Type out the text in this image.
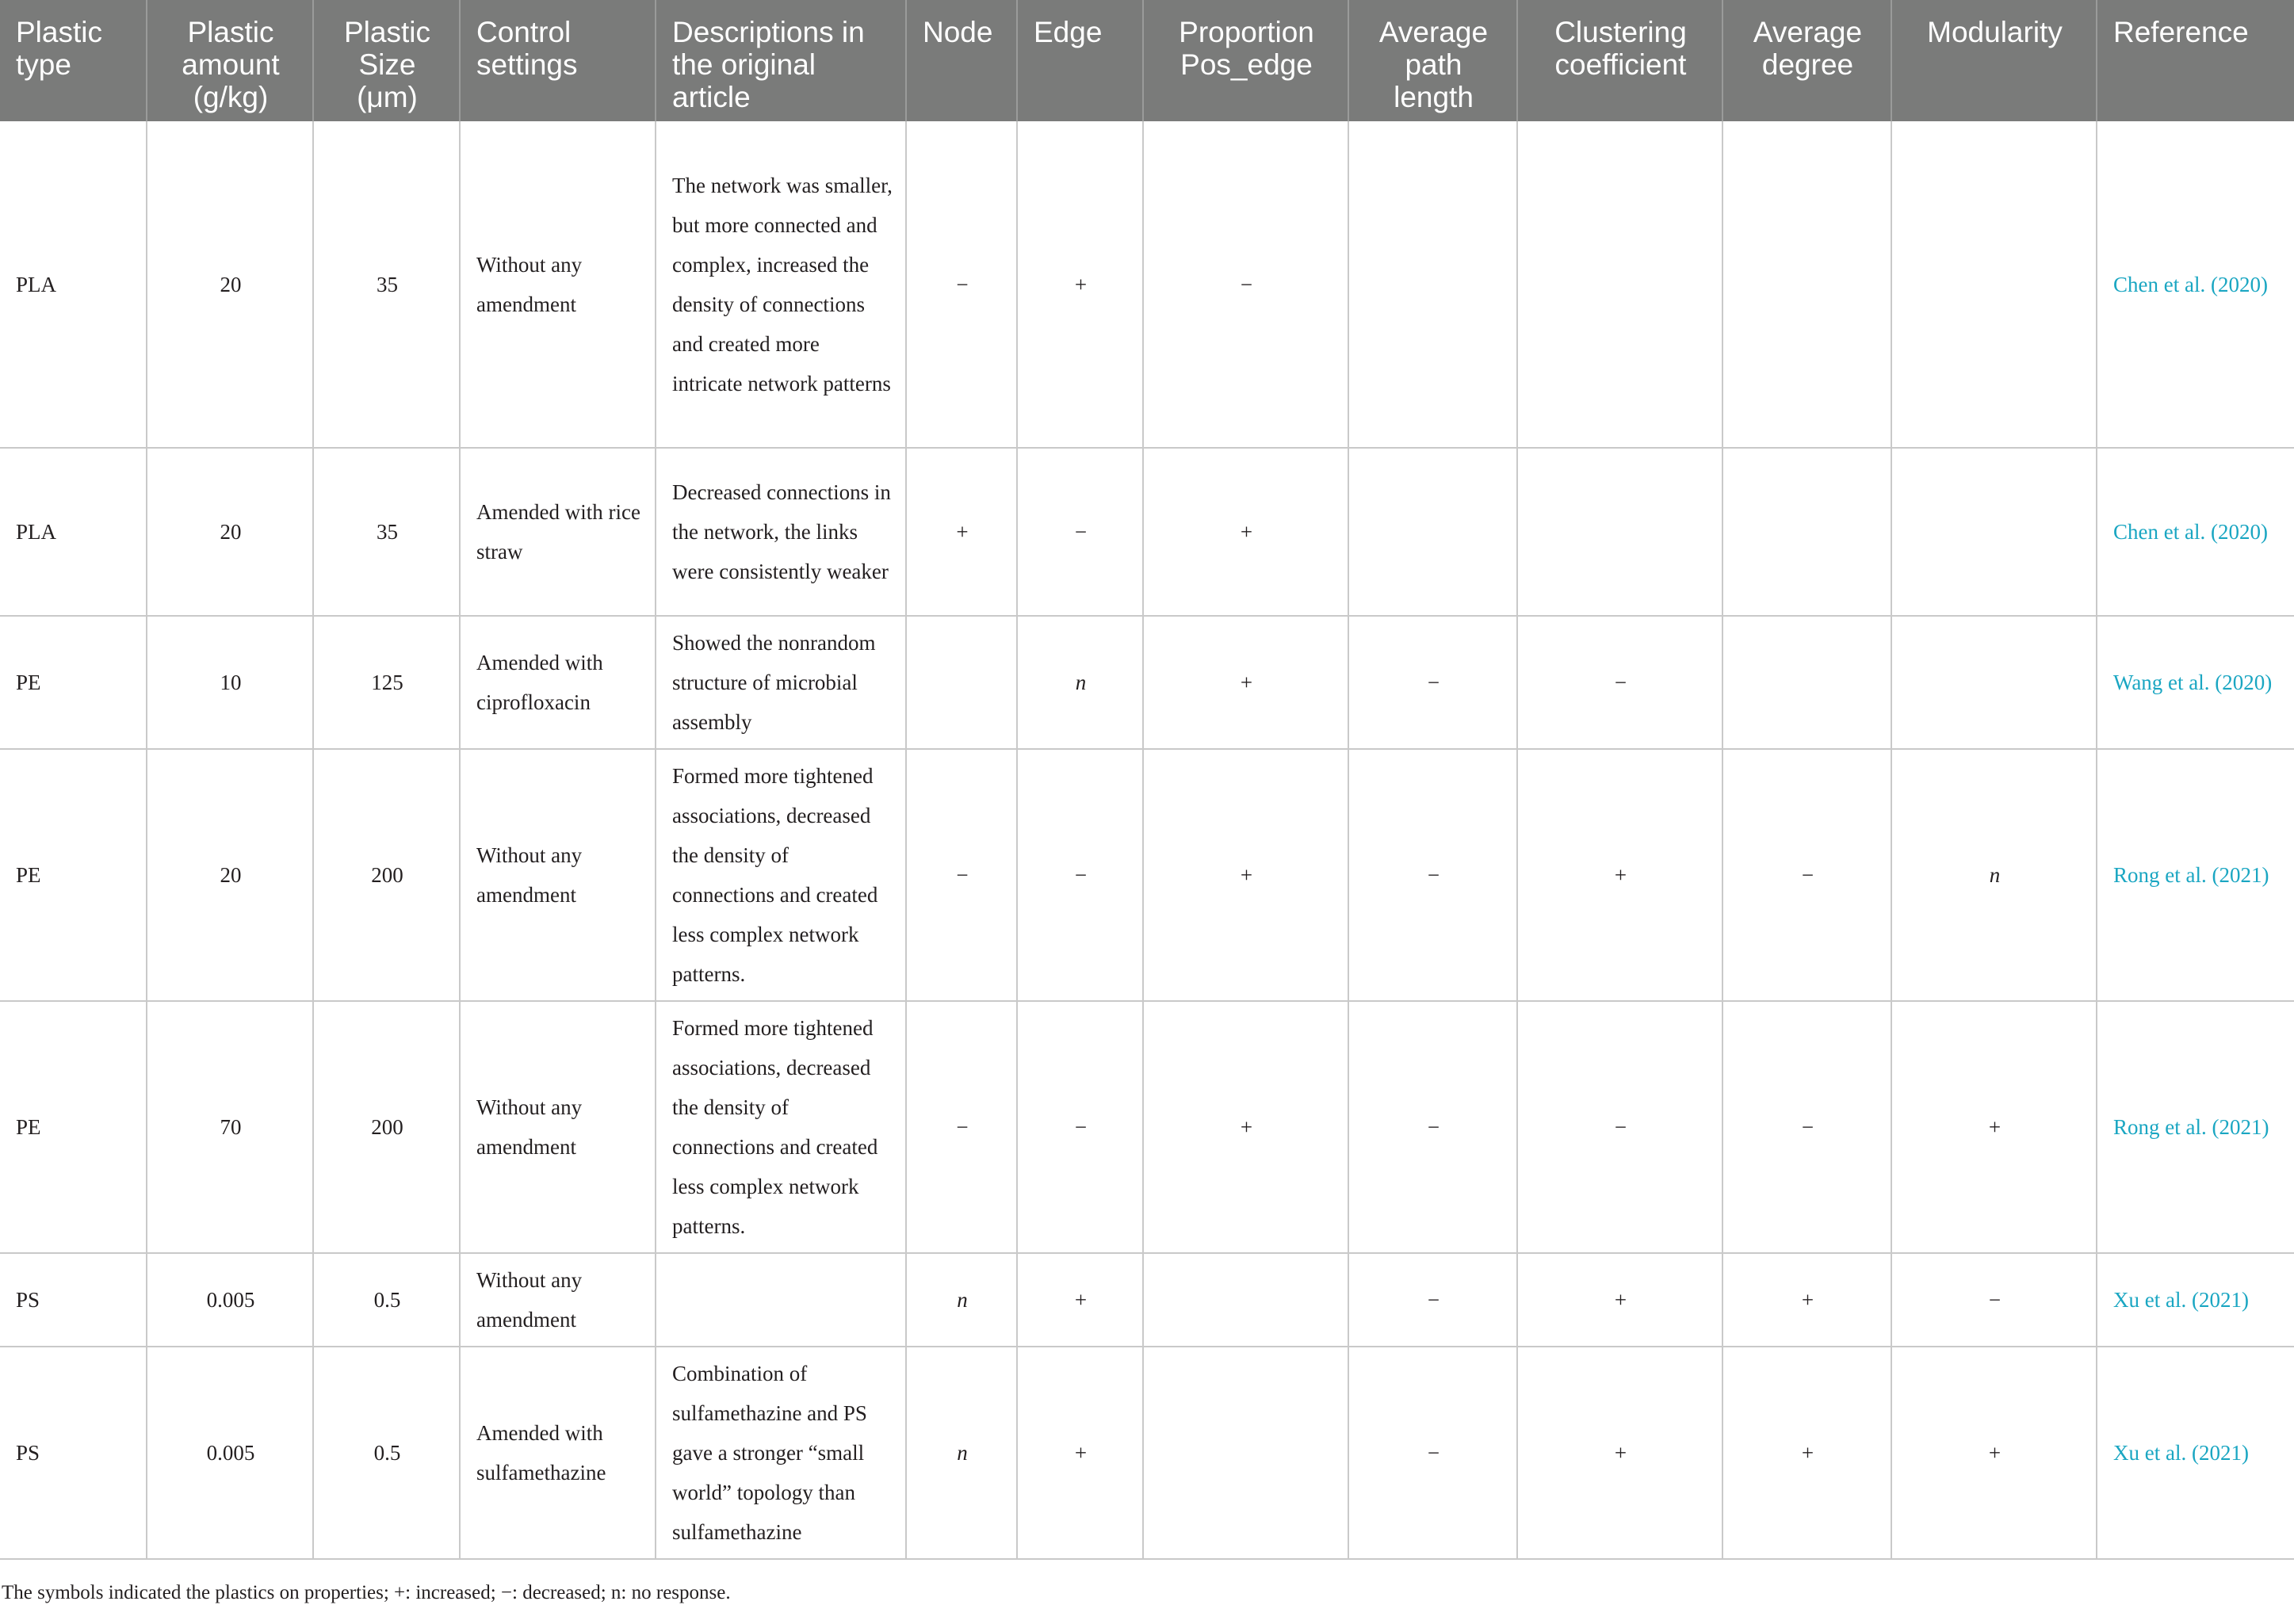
Plastic type	Plastic amount (g/kg)	Plastic Size (μm)	Control settings	Descriptions in the original article	Node	Edge	Proportion Pos_edge	Average path length	Clustering coefficient	Average degree	Modularity	Reference
PLA	20	35	Without any amendment	The network was smaller, but more connected and complex, increased the density of connections and created more intricate network patterns	−	+	−					Chen et al. (2020)
PLA	20	35	Amended with rice straw	Decreased connections in the network, the links were consistently weaker	+	−	+					Chen et al. (2020)
PE	10	125	Amended with ciprofloxacin	Showed the nonrandom structure of microbial assembly		n	+	−	−			Wang et al. (2020)
PE	20	200	Without any amendment	Formed more tightened associations, decreased the density of connections and created less complex network patterns.	−	−	+	−	+	−	n	Rong et al. (2021)
PE	70	200	Without any amendment	Formed more tightened associations, decreased the density of connections and created less complex network patterns.	−	−	+	−	−	−	+	Rong et al. (2021)
PS	0.005	0.5	Without any amendment		n	+		−	+	+	−	Xu et al. (2021)
PS	0.005	0.5	Amended with sulfamethazine	Combination of sulfamethazine and PS gave a stronger “small world” topology than sulfamethazine	n	+		−	+	+	+	Xu et al. (2021)

The symbols indicated the plastics on properties; +: increased; −: decreased; n: no response.
